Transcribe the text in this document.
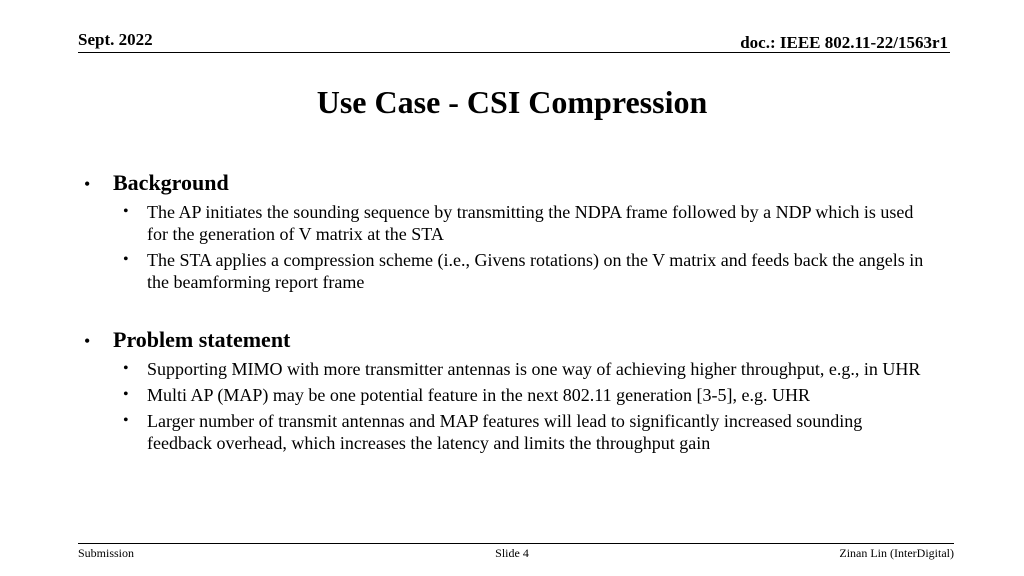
Sept. 2022	doc.: IEEE 802.11-22/1563r1
Use Case - CSI Compression
•	Background
•	The AP initiates the sounding sequence by transmitting the NDPA frame followed by a NDP which is used for the generation of V matrix at the STA
•	The STA applies a compression scheme (i.e., Givens rotations) on the V matrix and feeds back the angels in the beamforming report frame
•	Problem statement
•	Supporting MIMO with more transmitter antennas is one way of achieving higher throughput, e.g., in UHR
•	Multi AP (MAP) may be one potential feature in the next 802.11 generation [3-5], e.g. UHR
•	Larger number of transmit antennas and MAP features will lead to significantly increased sounding feedback overhead, which increases the latency and limits the throughput gain
Submission	Slide 4	Zinan Lin (InterDigital)
